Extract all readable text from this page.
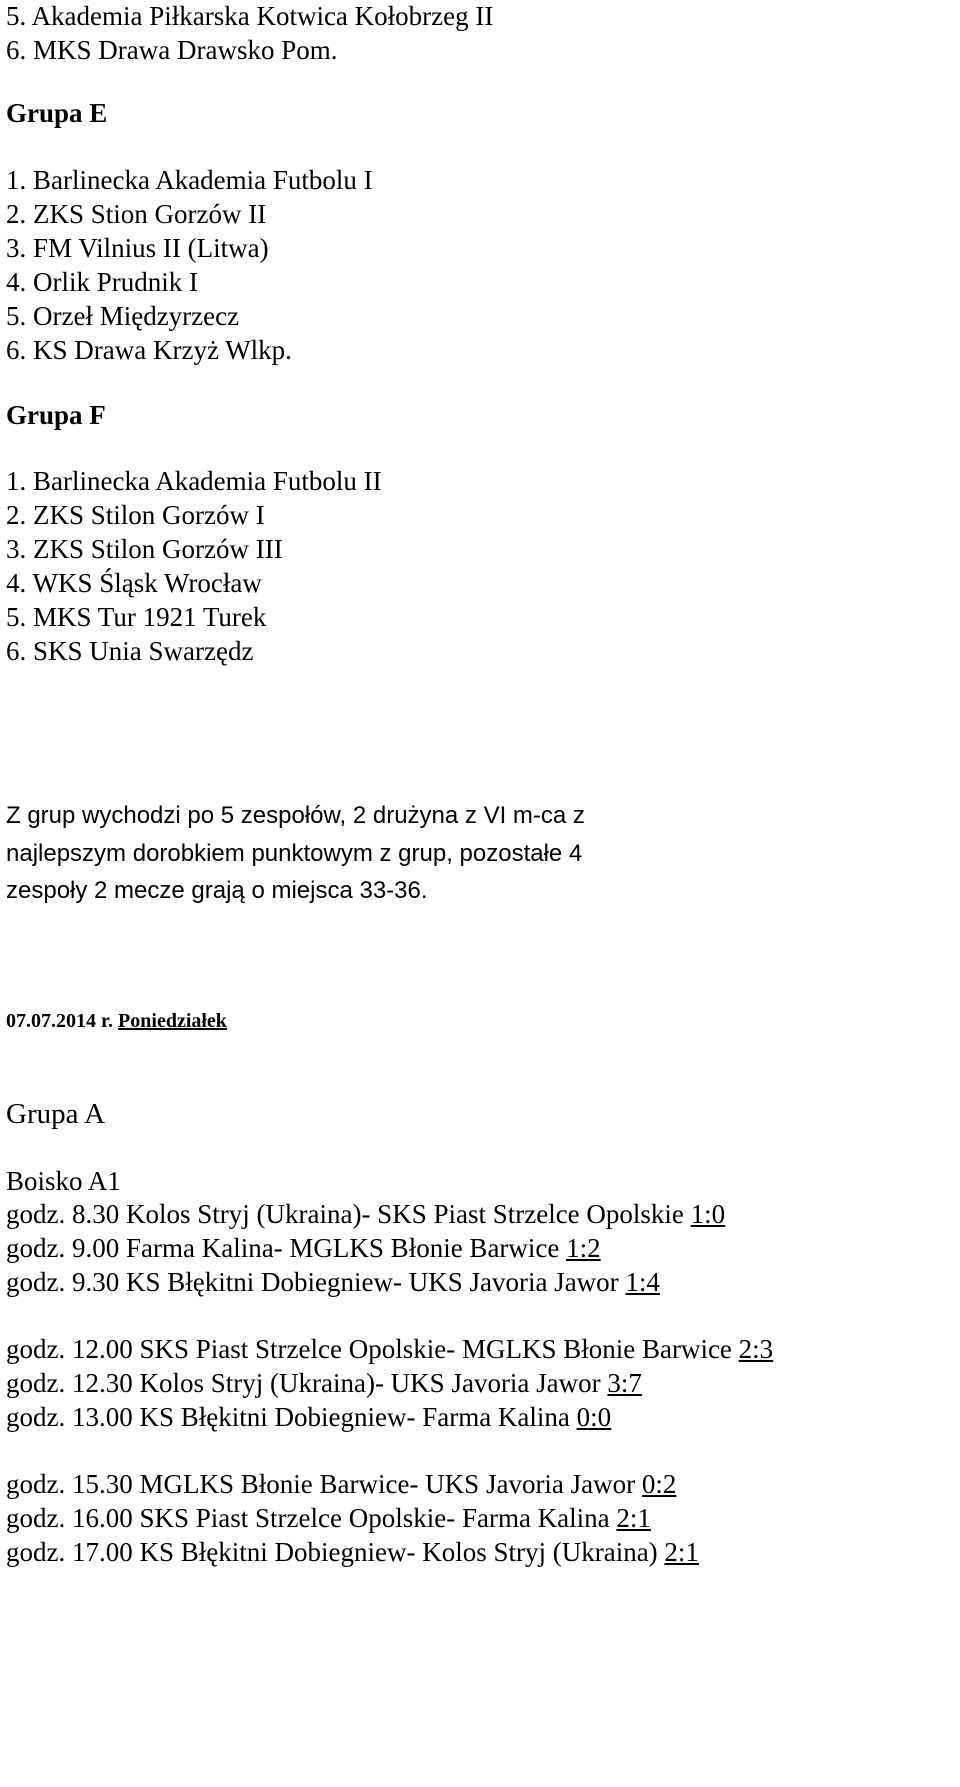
5. Akademia Piłkarska Kotwica Kołobrzeg II
6. MKS Drawa Drawsko Pom.
Grupa E
1. Barlinecka Akademia Futbolu I
2. ZKS Stion Gorzów II
3. FM Vilnius II (Litwa)
4. Orlik Prudnik I
5. Orzeł Międzyrzecz
6. KS Drawa Krzyż Wlkp.
Grupa F
1. Barlinecka Akademia Futbolu II
2. ZKS Stilon Gorzów I
3. ZKS Stilon Gorzów III
4. WKS Śląsk Wrocław
5. MKS Tur 1921 Turek
6. SKS Unia Swarzędz
Z grup wychodzi po 5 zespołów, 2 drużyna z VI m-ca z
najlepszym dorobkiem punktowym z grup, pozostałe 4
zespoły 2 mecze grają o miejsca 33-36.
07.07.2014 r. Poniedziałek
Grupa A
Boisko A1
godz. 8.30 Kolos Stryj (Ukraina)- SKS Piast Strzelce Opolskie 1:0
godz. 9.00 Farma Kalina- MGLKS Błonie Barwice 1:2
godz. 9.30 KS Błękitni Dobiegniew- UKS Javoria Jawor 1:4
godz. 12.00 SKS Piast Strzelce Opolskie- MGLKS Błonie Barwice 2:3
godz. 12.30 Kolos Stryj (Ukraina)- UKS Javoria Jawor 3:7
godz. 13.00 KS Błękitni Dobiegniew- Farma Kalina 0:0
godz. 15.30 MGLKS Błonie Barwice- UKS Javoria Jawor 0:2
godz. 16.00 SKS Piast Strzelce Opolskie- Farma Kalina 2:1
godz. 17.00 KS Błękitni Dobiegniew- Kolos Stryj (Ukraina) 2:1
